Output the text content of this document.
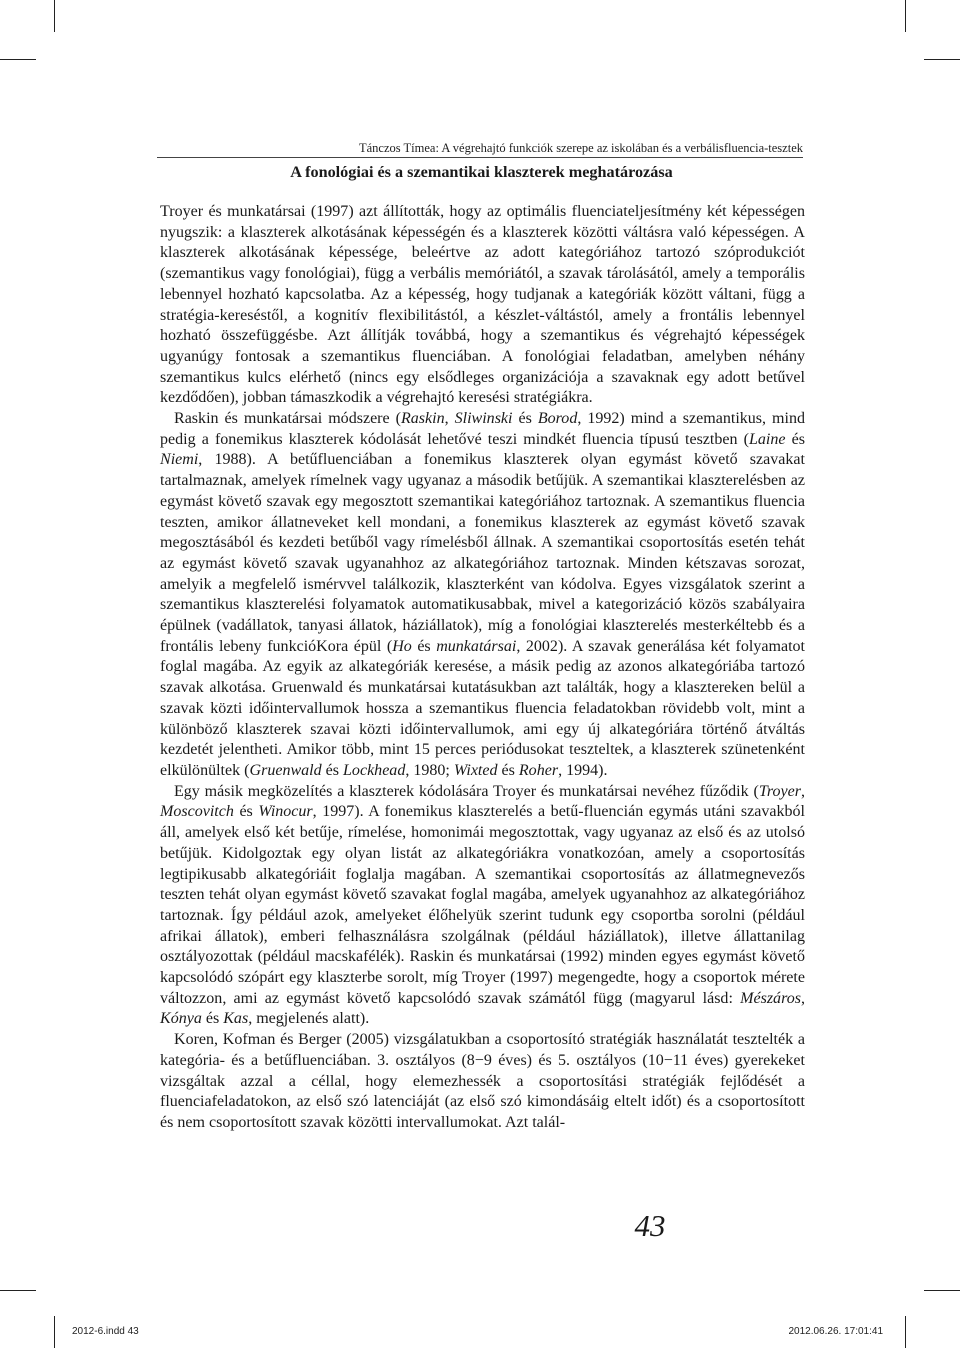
Tánczos Tímea: A végrehajtó funkciók szerepe az iskolában és a verbálisfluencia-tesztek
A fonológiai és a szemantikai klaszterek meghatározása

Troyer és munkatársai (1997) azt állították, hogy az optimális fluenciateljesítmény két képességen nyugszik: a klaszterek alkotásának képességén és a klaszterek közötti váltásra való képességen. A klaszterek alkotásának képessége, beleértve az adott kategóriához tartozó szóprodukciót (szemantikus vagy fonológiai), függ a verbális memóriától, a szavak tárolásától, amely a temporális lebennyel hozható kapcsolatba. Az a képesség, hogy tudjanak a kategóriák között váltani, függ a stratégia-kereséstől, a kognitív flexibilitástól, a készlet-váltástól, amely a frontális lebennyel hozható összefüggésbe. Azt állítják továbbá, hogy a szemantikus és végrehajtó képességek ugyanúgy fontosak a szemantikus fluenciában. A fonológiai feladatban, amelyben néhány szemantikus kulcs elérhető (nincs egy elsődleges organizációja a szavaknak egy adott betűvel kezdődően), jobban támaszkodik a végrehajtó keresési stratégiákra.

Raskin és munkatársai módszere (Raskin, Sliwinski és Borod, 1992) mind a szemantikus, mind pedig a fonemikus klaszterek kódolását lehetővé teszi mindkét fluencia típusú tesztben (Laine és Niemi, 1988). A betűfluenciában a fonemikus klaszterek olyan egymást követő szavakat tartalmaznak, amelyek rímelnek vagy ugyanaz a második betűjük. A szemantikai klaszterelésben az egymást követő szavak egy megosztott szemantikai kategóriához tartoznak. A szemantikus fluencia teszten, amikor állatneveket kell mondani, a fonemikus klaszterek az egymást követő szavak megosztásából és kezdeti betűből vagy rímelésből állnak. A szemantikai csoportosítás esetén tehát az egymást követő szavak ugyanahhoz az alkategóriához tartoznak. Minden kétszavas sorozat, amelyik a megfelelő ismérvvel találkozik, klaszterként van kódolva. Egyes vizsgálatok szerint a szemantikus klaszterelési folyamatok automatikusabbak, mivel a kategorizáció közös szabályaira épülnek (vadállatok, tanyasi állatok, háziállatok), míg a fonológiai klaszterelés mesterkéltebb és a frontális lebeny funkcióKora épül (Ho és munkatársai, 2002). A szavak generálása két folyamatot foglal magába. Az egyik az alkategóriák keresése, a másik pedig az azonos alkategóriába tartozó szavak alkotása. Gruenwald és munkatársai kutatásukban azt találták, hogy a klasztereken belül a szavak közti időintervallumok hossza a szemantikus fluencia feladatokban rövidebb volt, mint a különböző klaszterek szavai közti időintervallumok, ami egy új alkategóriára történő átváltás kezdetét jelentheti. Amikor több, mint 15 perces periódusokat teszteltek, a klaszterek szünetenként elkülönültek (Gruenwald és Lockhead, 1980; Wixted és Roher, 1994).

Egy másik megközelítés a klaszterek kódolására Troyer és munkatársai nevéhez fűződik (Troyer, Moscovitch és Winocur, 1997). A fonemikus klaszterelés a betű-fluencián egymás utáni szavakból áll, amelyek első két betűje, rímelése, homonimái megosztottak, vagy ugyanaz az első és az utolsó betűjük. Kidolgoztak egy olyan listát az alkategóriákra vonatkozóan, amely a csoportosítás legtipikusabb alkategóriáit foglalja magában. A szemantikai csoportosítás az állatmegnevezős teszten tehát olyan egymást követő szavakat foglal magába, amelyek ugyanahhoz az alkategóriához tartoznak. Így például azok, amelyeket élőhelyük szerint tudunk egy csoportba sorolni (például afrikai állatok), emberi felhasználásra szolgálnak (például háziállatok), illetve állattanilag osztályozottak (például macskafélék). Raskin és munkatársai (1992) minden egyes egymást követő kapcsolódó szópárt egy klaszterbe sorolt, míg Troyer (1997) megengedte, hogy a csoportok mérete változzon, ami az egymást követő kapcsolódó szavak számától függ (magyarul lásd: Mészáros, Kónya és Kas, megjelenés alatt).

Koren, Kofman és Berger (2005) vizsgálatukban a csoportosító stratégiák használatát tesztelték a kategória- és a betűfluenciában. 3. osztályos (8−9 éves) és 5. osztályos (10−11 éves) gyerekeket vizsgáltak azzal a céllal, hogy elemezhessék a csoportosítási stratégiák fejlődését a fluenciafeladatokon, az első szó latenciáját (az első szó kimondásáig eltelt időt) és a csoportosított és nem csoportosított szavak közötti intervallumokat. Azt talál-

43
2012-6.indd 43	2012.06.26. 17:01:41
